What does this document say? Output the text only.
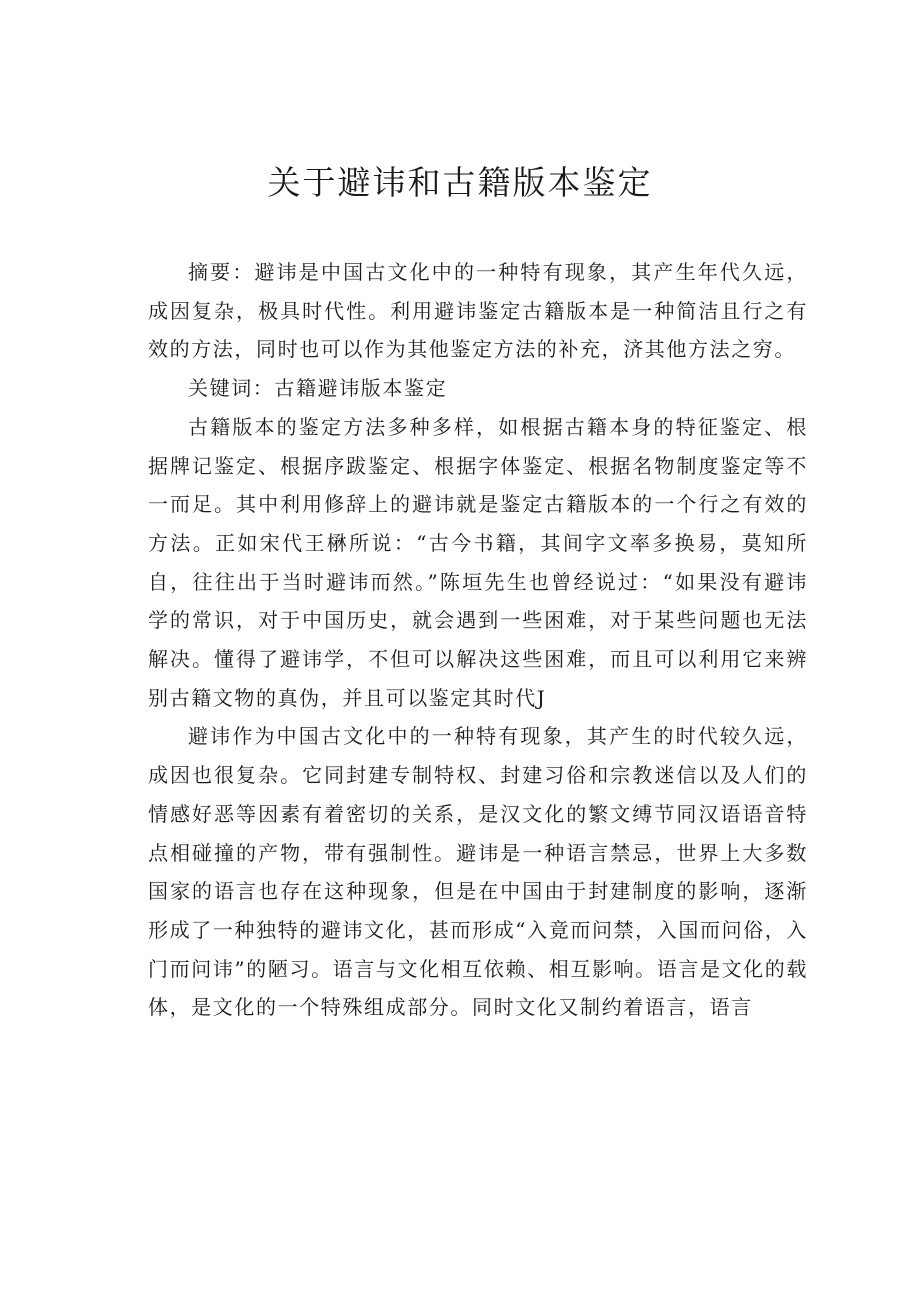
关于避讳和古籍版本鉴定

摘要：避讳是中国古文化中的一种特有现象，其产生年代久远，成因复杂，极具时代性。利用避讳鉴定古籍版本是一种简洁且行之有效的方法，同时也可以作为其他鉴定方法的补充，济其他方法之穷。

关键词：古籍避讳版本鉴定

古籍版本的鉴定方法多种多样，如根据古籍本身的特征鉴定、根据牌记鉴定、根据序跋鉴定、根据字体鉴定、根据名物制度鉴定等不一而足。其中利用修辞上的避讳就是鉴定古籍版本的一个行之有效的方法。正如宋代王楙所说：“古今书籍，其间字文率多换易，莫知所自，往往出于当时避讳而然。”陈垣先生也曾经说过：“如果没有避讳学的常识，对于中国历史，就会遇到一些困难，对于某些问题也无法解决。懂得了避讳学，不但可以解决这些困难，而且可以利用它来辨别古籍文物的真伪，并且可以鉴定其时代J

避讳作为中国古文化中的一种特有现象，其产生的时代较久远，成因也很复杂。它同封建专制特权、封建习俗和宗教迷信以及人们的情感好恶等因素有着密切的关系，是汉文化的繁文缚节同汉语语音特点相碰撞的产物，带有强制性。避讳是一种语言禁忌，世界上大多数国家的语言也存在这种现象，但是在中国由于封建制度的影响，逐渐形成了一种独特的避讳文化，甚而形成“入竟而问禁，入国而问俗，入门而问讳”的陋习。语言与文化相互依赖、相互影响。语言是文化的载体，是文化的一个特殊组成部分。同时文化又制约着语言，语言
